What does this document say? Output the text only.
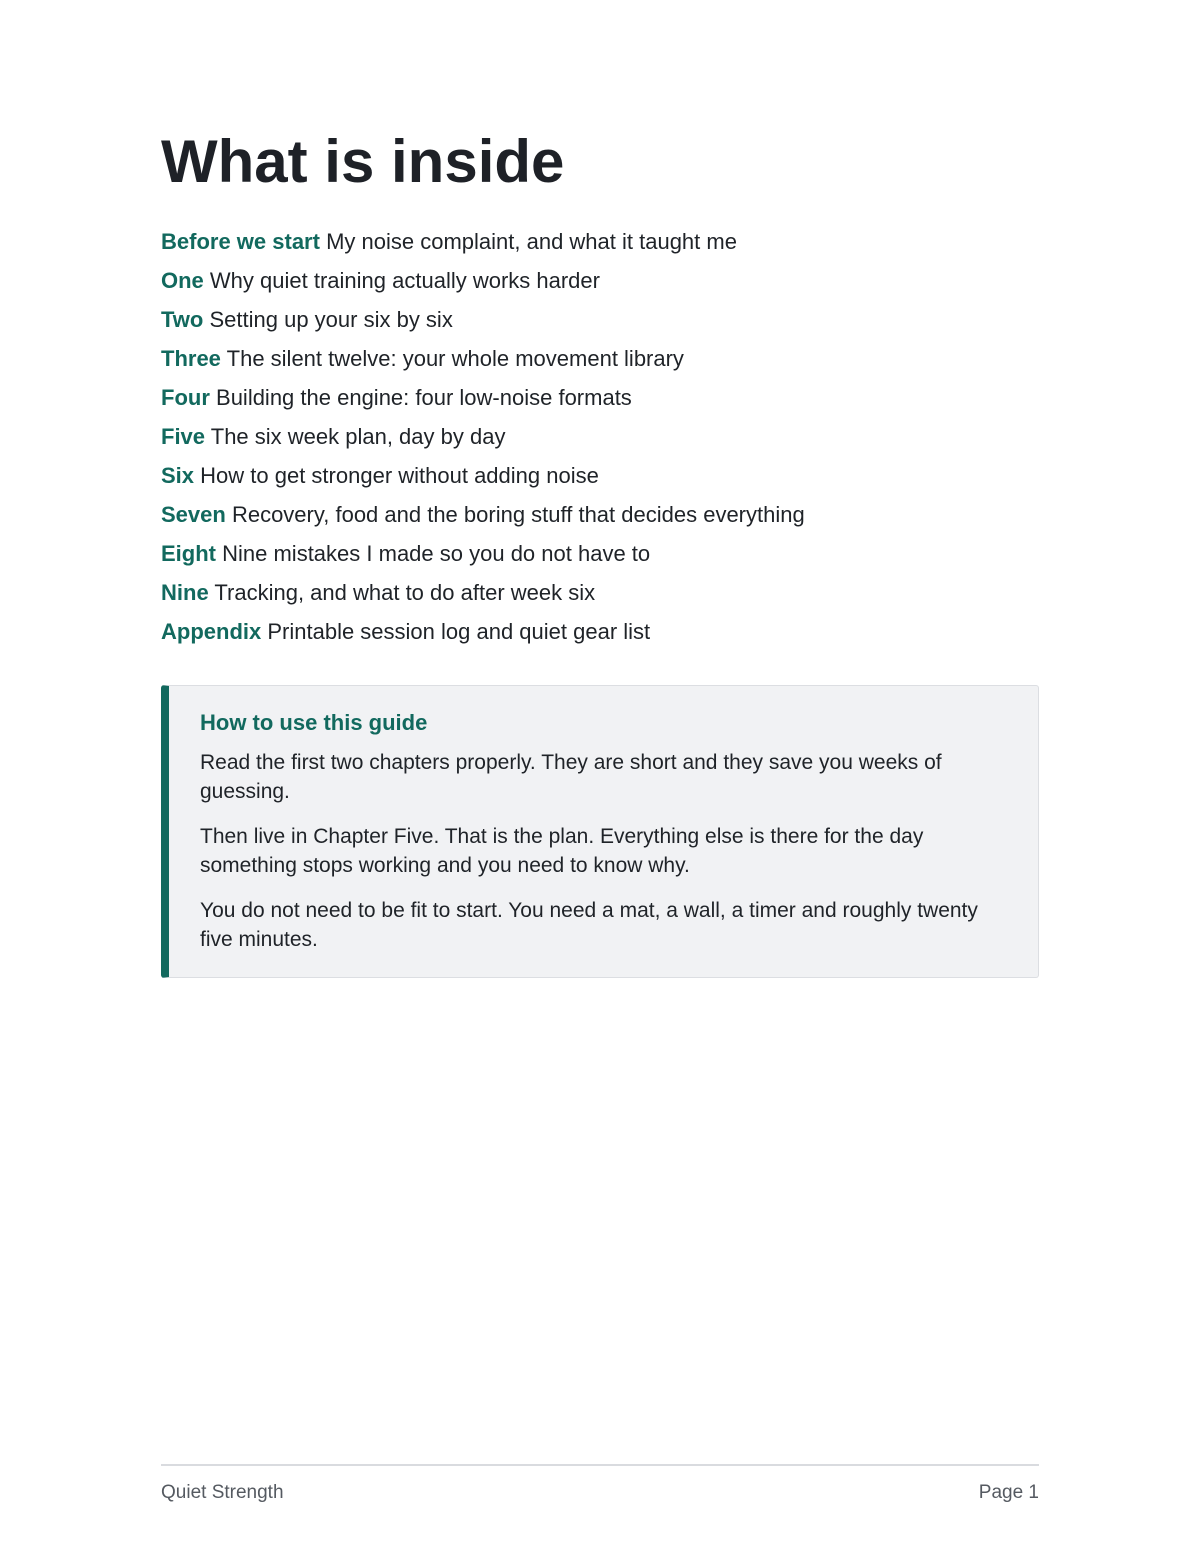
What is inside
Before we start My noise complaint, and what it taught me
One Why quiet training actually works harder
Two Setting up your six by six
Three The silent twelve: your whole movement library
Four Building the engine: four low-noise formats
Five The six week plan, day by day
Six How to get stronger without adding noise
Seven Recovery, food and the boring stuff that decides everything
Eight Nine mistakes I made so you do not have to
Nine Tracking, and what to do after week six
Appendix Printable session log and quiet gear list
How to use this guide

Read the first two chapters properly. They are short and they save you weeks of guessing.

Then live in Chapter Five. That is the plan. Everything else is there for the day something stops working and you need to know why.

You do not need to be fit to start. You need a mat, a wall, a timer and roughly twenty five minutes.

Quiet Strength	Page 1
